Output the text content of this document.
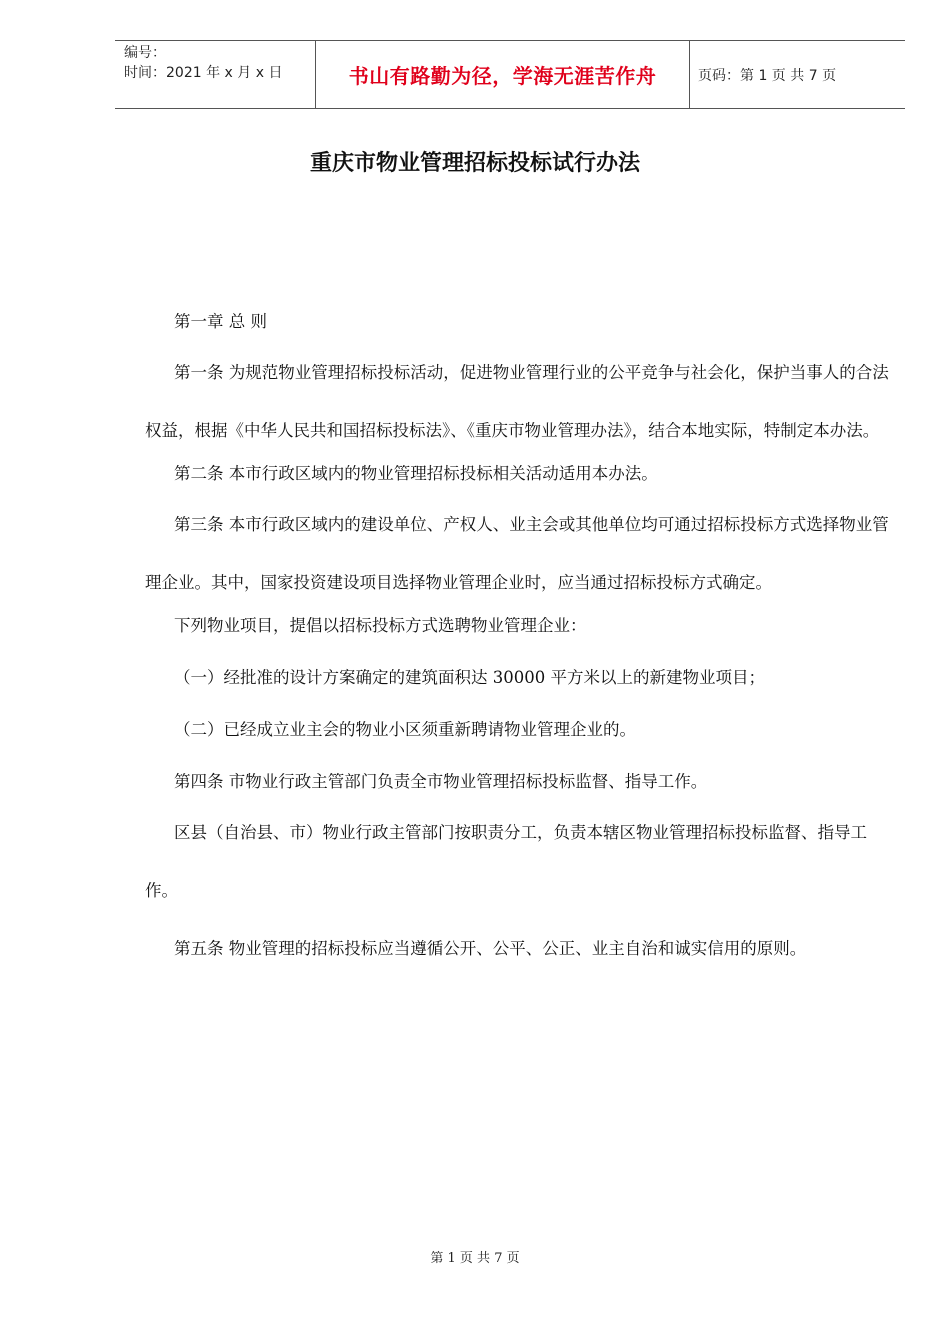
编号：
时间：2021 年 x 月 x 日	书山有路勤为径，学海无涯苦作舟	页码：第 1 页 共 7 页
重庆市物业管理招标投标试行办法

第一章 总 则

第一条 为规范物业管理招标投标活动，促进物业管理行业的公平竞争与社会化，保护当事人的合法权益，根据《中华人民共和国招标投标法》、《重庆市物业管理办法》，结合本地实际，特制定本办法。

第二条 本市行政区域内的物业管理招标投标相关活动适用本办法。

第三条 本市行政区域内的建设单位、产权人、业主会或其他单位均可通过招标投标方式选择物业管理企业。其中，国家投资建设项目选择物业管理企业时，应当通过招标投标方式确定。

下列物业项目，提倡以招标投标方式选聘物业管理企业：

（一）经批准的设计方案确定的建筑面积达 30000 平方米以上的新建物业项目；

（二）已经成立业主会的物业小区须重新聘请物业管理企业的。

第四条 市物业行政主管部门负责全市物业管理招标投标监督、指导工作。

区县（自治县、市）物业行政主管部门按职责分工，负责本辖区物业管理招标投标监督、指导工作。

第五条 物业管理的招标投标应当遵循公开、公平、公正、业主自治和诚实信用的原则。

第 1 页 共 7 页
